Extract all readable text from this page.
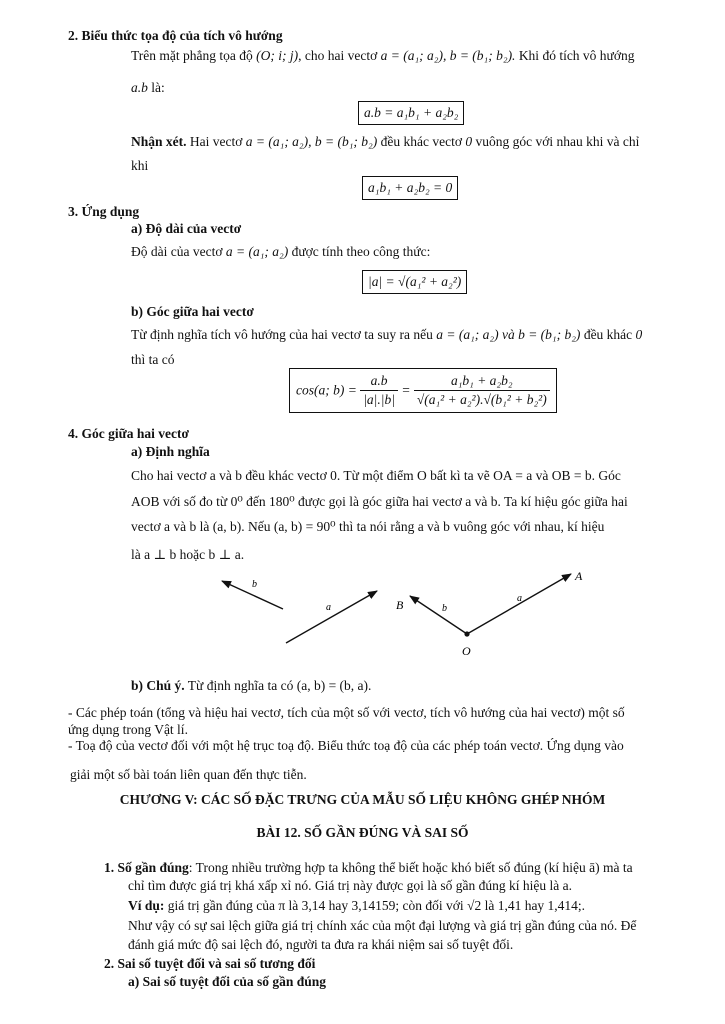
2. Biểu thức tọa độ của tích vô hướng
Trên mặt phẳng tọa độ (O; i; j), cho hai vectơ a = (a₁; a₂), b = (b₁; b₂). Khi đó tích vô hướng
a.b là:
a.b = a₁b₁ + a₂b₂
Nhận xét. Hai vectơ a = (a₁; a₂), b = (b₁; b₂) đều khác vectơ 0 vuông góc với nhau khi và chỉ
khi
a₁b₁ + a₂b₂ = 0
3. Ứng dụng
a) Độ dài của vectơ
Độ dài của vectơ a = (a₁; a₂) được tính theo công thức:
|a| = √(a₁² + a₂²)
b) Góc giữa hai vectơ
Từ định nghĩa tích vô hướng của hai vectơ ta suy ra nếu a = (a₁; a₂) và b = (b₁; b₂) đều khác 0
thì ta có
cos(a; $b) = \frac{a.b}{|a|.|b|} = \frac{\text{a₁b₁ + a₂b₂}}{\text{√(a₁² + a₂²).√(b₁² + b₂²)}}$
4. Góc giữa hai vectơ
a) Định nghĩa
Cho hai vectơ a và b đều khác vectơ 0. Từ một điểm O bất kì ta vẽ OA = a và OB = b. Góc
AOB với số đo từ 0⁰ đến 180⁰ được gọi là góc giữa hai vectơ a và b. Ta kí hiệu góc giữa hai
vectơ a và b là (a, b). Nếu (a, b) = 90⁰ thì ta nói rằng a và b vuông góc với nhau, kí hiệu
là a ⊥ b hoặc b ⊥ a.
b
a	B	b
a
A
O
b) Chú ý. Từ định nghĩa ta có (a, b) = (b, a).
- Các phép toán (tổng và hiệu hai vectơ, tích của một số với vectơ, tích vô hướng của hai vectơ) một số
ứng dụng trong Vật lí.
- Toạ độ của vectơ đối với một hệ trục toạ độ. Biểu thức toạ độ của các phép toán vectơ. Ứng dụng vào
giải một số bài toán liên quan đến thực tiễn.
CHƯƠNG V: CÁC SỐ ĐẶC TRƯNG CỦA MẪU SỐ LIỆU KHÔNG GHÉP NHÓM
BÀI 12. SỐ GẦN ĐÚNG VÀ SAI SỐ
1. Số gần đúng: Trong nhiều trường hợp ta không thể biết hoặc khó biết số đúng (kí hiệu ā) mà ta
chỉ tìm được giá trị khá xấp xỉ nó. Giá trị này được gọi là số gần đúng kí hiệu là a.
Ví dụ: giá trị gần đúng của π là 3,14 hay 3,14159; còn đối với √2 là 1,41 hay 1,414;.
Như vậy có sự sai lệch giữa giá trị chính xác của một đại lượng và giá trị gần đúng của nó. Để
đánh giá mức độ sai lệch đó, người ta đưa ra khái niệm sai số tuyệt đối.
2. Sai số tuyệt đối và sai số tương đối
a) Sai số tuyệt đối của số gần đúng
